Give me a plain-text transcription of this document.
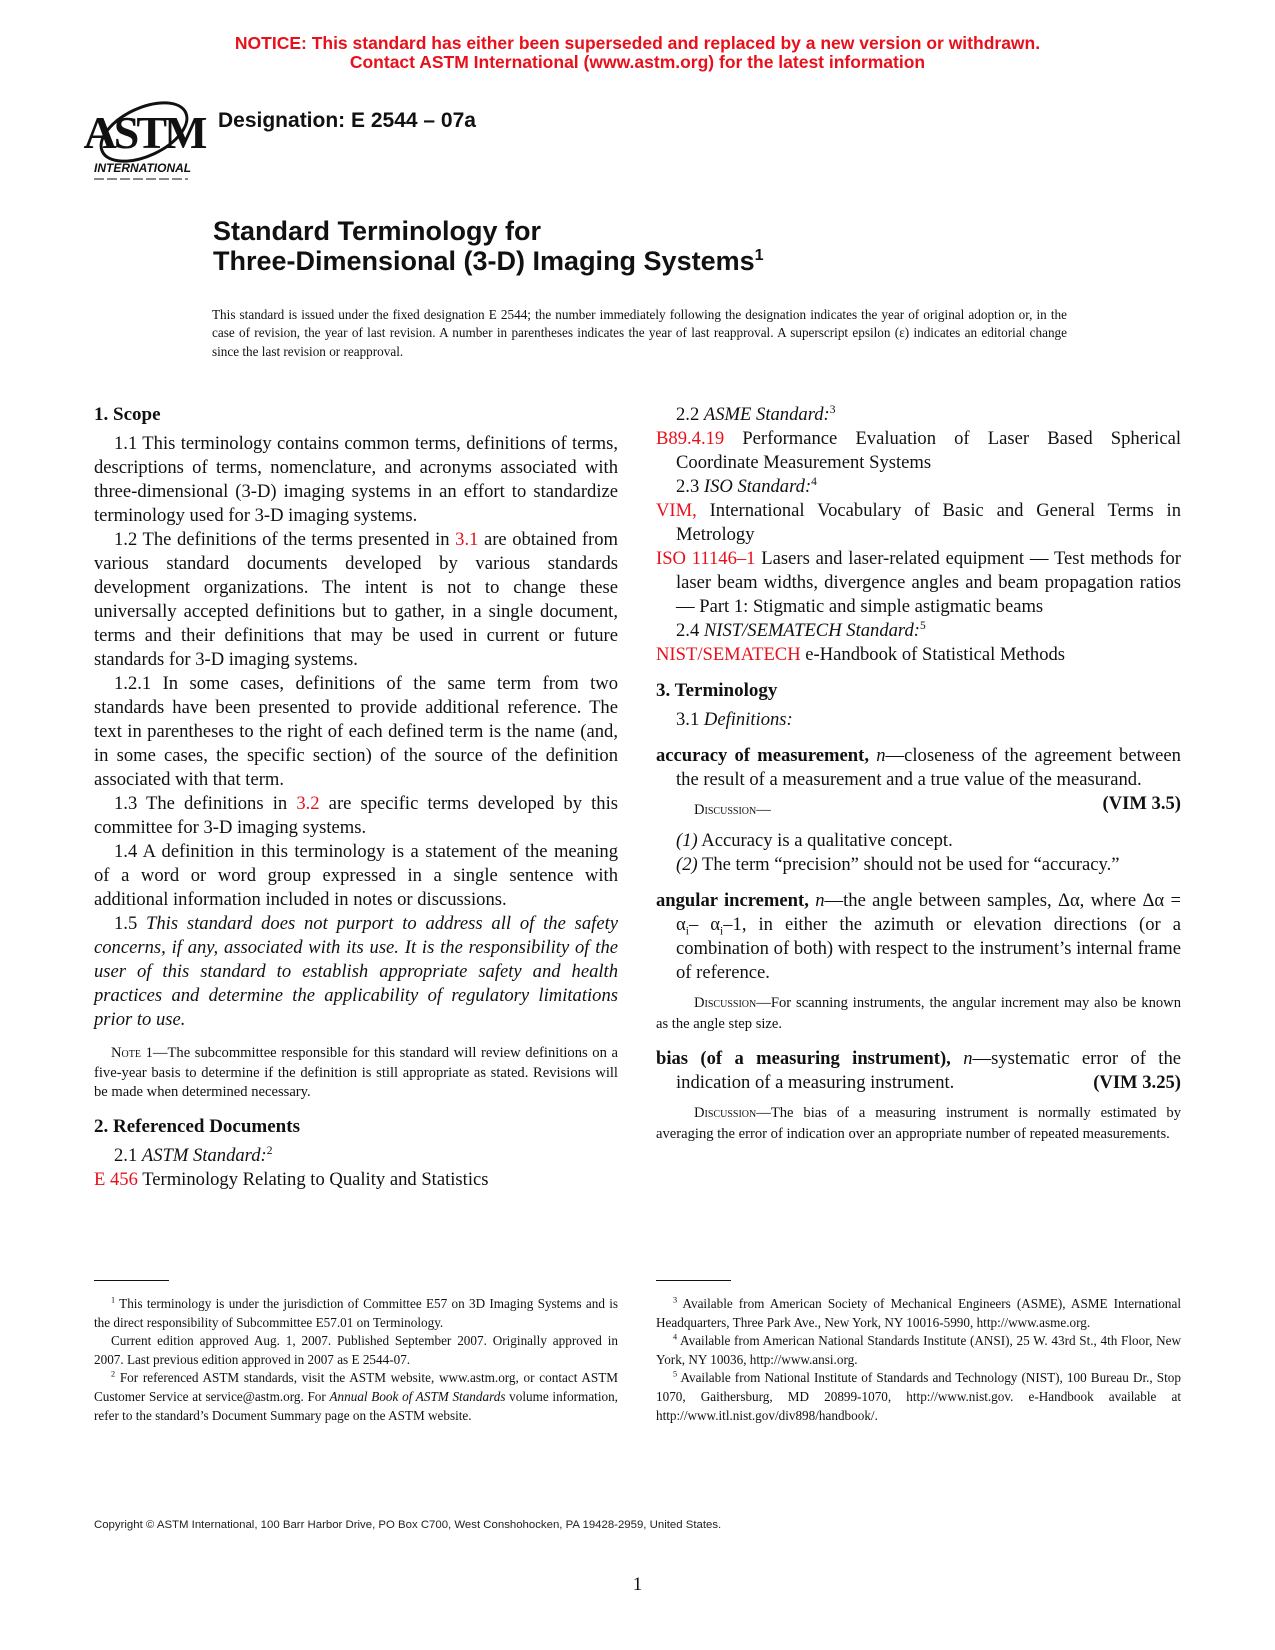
NOTICE: This standard has either been superseded and replaced by a new version or withdrawn.
Contact ASTM International (www.astm.org) for the latest information
ASTM
INTERNATIONAL
Designation: E 2544 – 07a
Standard Terminology for
Three-Dimensional (3-D) Imaging Systems$^1$
This standard is issued under the fixed designation E 2544; the number immediately following the designation indicates the year of original adoption or, in the case of revision, the year of last revision. A number in parentheses indicates the year of last reapproval. A superscript epsilon (ε) indicates an editorial change since the last revision or reapproval.
1. Scope

1.1 This terminology contains common terms, definitions of terms, descriptions of terms, nomenclature, and acronyms associated with three-dimensional (3-D) imaging systems in an effort to standardize terminology used for 3-D imaging systems.

1.2 The definitions of the terms presented in 3.1 are obtained from various standard documents developed by various standards development organizations. The intent is not to change these universally accepted definitions but to gather, in a single document, terms and their definitions that may be used in current or future standards for 3-D imaging systems.

1.2.1 In some cases, definitions of the same term from two standards have been presented to provide additional reference. The text in parentheses to the right of each defined term is the name (and, in some cases, the specific section) of the source of the definition associated with that term.

1.3 The definitions in 3.2 are specific terms developed by this committee for 3-D imaging systems.

1.4 A definition in this terminology is a statement of the meaning of a word or word group expressed in a single sentence with additional information included in notes or discussions.

1.5 This standard does not purport to address all of the safety concerns, if any, associated with its use. It is the responsibility of the user of this standard to establish appropriate safety and health practices and determine the applicability of regulatory limitations prior to use.

Note 1—The subcommittee responsible for this standard will review definitions on a five-year basis to determine if the definition is still appropriate as stated. Revisions will be made when determined necessary.

2. Referenced Documents
2.1 ASTM Standard:$^2$
E 456 Terminology Relating to Quality and Statistics
2.2 ASME Standard:$^3$
B89.4.19 Performance Evaluation of Laser Based Spherical Coordinate Measurement Systems
2.3 ISO Standard:$^4$
VIM, International Vocabulary of Basic and General Terms in Metrology
ISO 11146–1 Lasers and laser-related equipment — Test methods for laser beam widths, divergence angles and beam propagation ratios — Part 1: Stigmatic and simple astigmatic beams
2.4 NIST/SEMATECH Standard:$^5$
NIST/SEMATECH e-Handbook of Statistical Methods
3. Terminology
3.1 Definitions:
accuracy of measurement, n—closeness of the agreement between the result of a measurement and a true value of the measurand.
(VIM 3.5)
Discussion—
(1) Accuracy is a qualitative concept.
(2) The term “precision” should not be used for “accuracy.”
angular increment, n—the angle between samples, Δα, where $\Delta\alpha = \alpha_i-$ $\alpha_i-1$, in either the azimuth or elevation directions (or a combination of both) with respect to the instrument’s internal frame of reference.
Discussion—For scanning instruments, the angular increment may also be known as the angle step size.
bias (of a measuring instrument), n—systematic error of the indication of a measuring instrument.	(VIM 3.25)
Discussion—The bias of a measuring instrument is normally estimated by averaging the error of indication over an appropriate number of repeated measurements.

$^1$ This terminology is under the jurisdiction of Committee E57 on 3D Imaging Systems and is the direct responsibility of Subcommittee E57.01 on Terminology.

Current edition approved Aug. 1, 2007. Published September 2007. Originally approved in 2007. Last previous edition approved in 2007 as E 2544-07.

$^2$ For referenced ASTM standards, visit the ASTM website, www.astm.org, or contact ASTM Customer Service at service@astm.org. For Annual Book of ASTM Standards volume information, refer to the standard’s Document Summary page on the ASTM website.

$^3$ Available from American Society of Mechanical Engineers (ASME), ASME International Headquarters, Three Park Ave., New York, NY 10016-5990, http://www.asme.org.

$^4$ Available from American National Standards Institute (ANSI), 25 W. 43rd St., 4th Floor, New York, NY 10036, http://www.ansi.org.

$^5$ Available from National Institute of Standards and Technology (NIST), 100 Bureau Dr., Stop 1070, Gaithersburg, MD 20899-1070, http://www.nist.gov. e-Handbook available at http://www.itl.nist.gov/div898/handbook/.

Copyright © ASTM International, 100 Barr Harbor Drive, PO Box C700, West Conshohocken, PA 19428-2959, United States.
1
